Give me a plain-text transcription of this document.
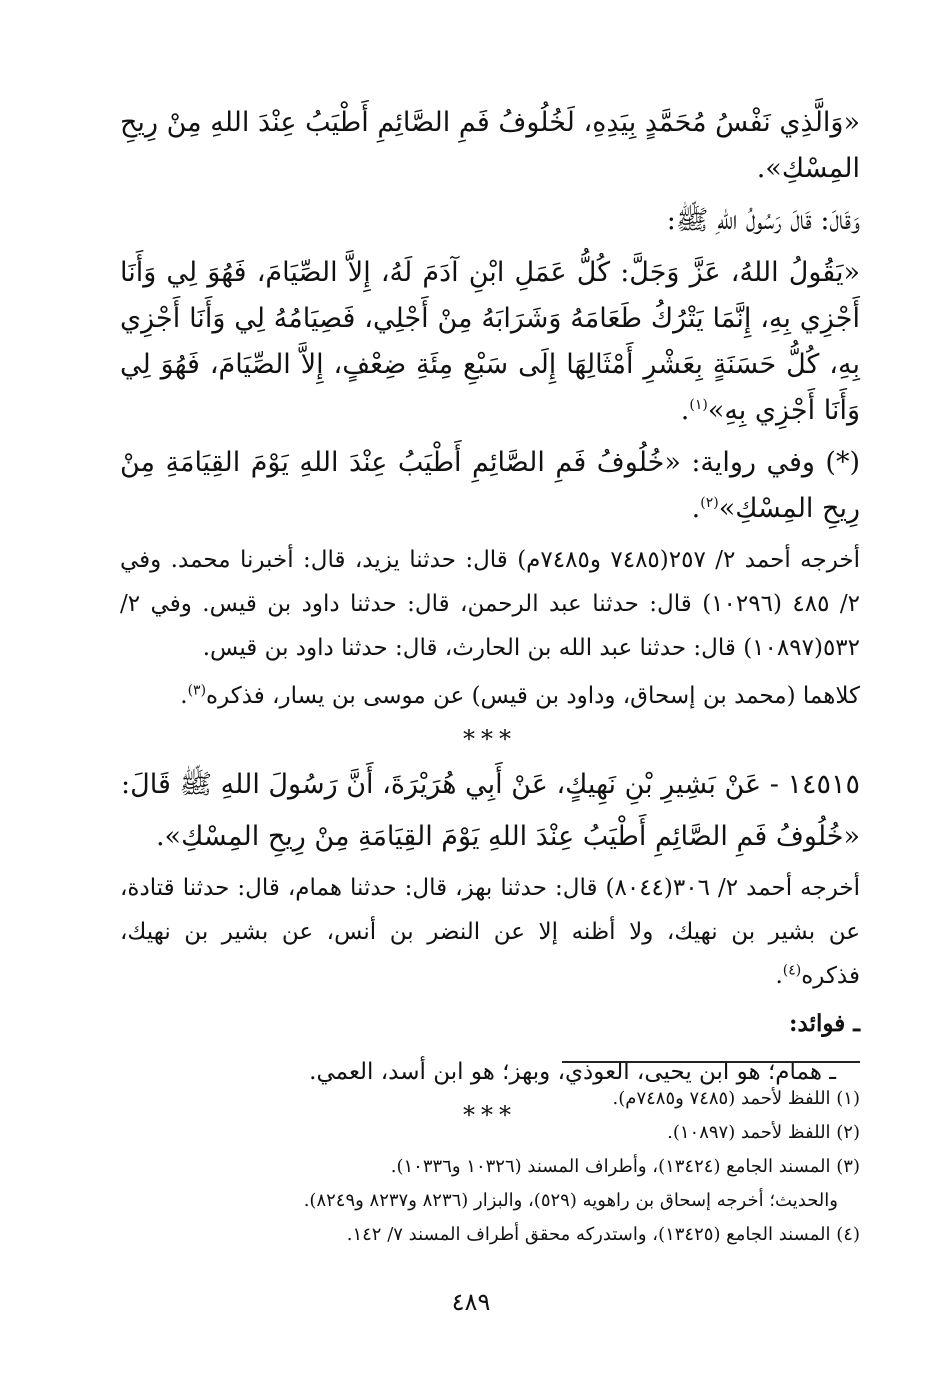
«وَالَّذِي نَفْسُ مُحَمَّدٍ بِيَدِهِ، لَخُلُوفُ فَمِ الصَّائِمِ أَطْيَبُ عِنْدَ اللهِ مِنْ رِيحِ المِسْكِ».

وَقَالَ: قَالَ رَسُولُ اللهِ ﷺ:

«يَقُولُ اللهُ، عَزَّ وَجَلَّ: كُلُّ عَمَلِ ابْنِ آدَمَ لَهُ، إِلاَّ الصِّيَامَ، فَهُوَ لِي وَأَنَا أَجْزِي بِهِ، إِنَّمَا يَتْرُكُ طَعَامَهُ وَشَرَابَهُ مِنْ أَجْلِي، فَصِيَامُهُ لِي وَأَنَا أَجْزِي بِهِ، كُلُّ حَسَنَةٍ بِعَشْرِ أَمْثَالِهَا إِلَى سَبْعِ مِئَةِ ضِعْفٍ، إِلاَّ الصِّيَامَ، فَهُوَ لِي وَأَنَا أَجْزِي بِهِ»$^{(١)}$.

(*) وفي رواية: «خُلُوفُ فَمِ الصَّائِمِ أَطْيَبُ عِنْدَ اللهِ يَوْمَ القِيَامَةِ مِنْ رِيحِ المِسْكِ»$^{(٢)}$.

أخرجه أحمد ٢/ ٢٥٧(٧٤٨٥ و٧٤٨٥م) قال: حدثنا يزيد، قال: أخبرنا محمد. وفي ٢/ ٤٨٥ (١٠٢٩٦) قال: حدثنا عبد الرحمن، قال: حدثنا داود بن قيس. وفي ٢/ ٥٣٢(١٠٨٩٧) قال: حدثنا عبد الله بن الحارث، قال: حدثنا داود بن قيس.

كلاهما (محمد بن إسحاق، وداود بن قيس) عن موسى بن يسار، فذكره$^{(٣)}$.

***

١٤٥١٥ - عَنْ بَشِيرِ بْنِ نَهِيكٍ، عَنْ أَبِي هُرَيْرَةَ، أَنَّ رَسُولَ اللهِ ﷺ قَالَ:

«خُلُوفُ فَمِ الصَّائِمِ أَطْيَبُ عِنْدَ اللهِ يَوْمَ القِيَامَةِ مِنْ رِيحِ المِسْكِ».

أخرجه أحمد ٢/ ٣٠٦(٨٠٤٤) قال: حدثنا بهز، قال: حدثنا همام، قال: حدثنا قتادة، عن بشير بن نهيك، ولا أظنه إلا عن النضر بن أنس، عن بشير بن نهيك، فذكره$^{(٤)}$.

ـ فوائد:

ـ همام؛ هو ابن يحيى، العوذي، وبهز؛ هو ابن أسد، العمي.

***

(١) اللفظ لأحمد (٧٤٨٥ و٧٤٨٥م).

(٢) اللفظ لأحمد (١٠٨٩٧).

(٣) المسند الجامع (١٣٤٢٤)، وأطراف المسند (١٠٣٢٦ و١٠٣٣٦).

والحديث؛ أخرجه إسحاق بن راهويه (٥٢٩)، والبزار (٨٢٣٦ و٨٢٣٧ و٨٢٤٩).

(٤) المسند الجامع (١٣٤٢٥)، واستدركه محقق أطراف المسند ٧/ ١٤٢.

٤٨٩
